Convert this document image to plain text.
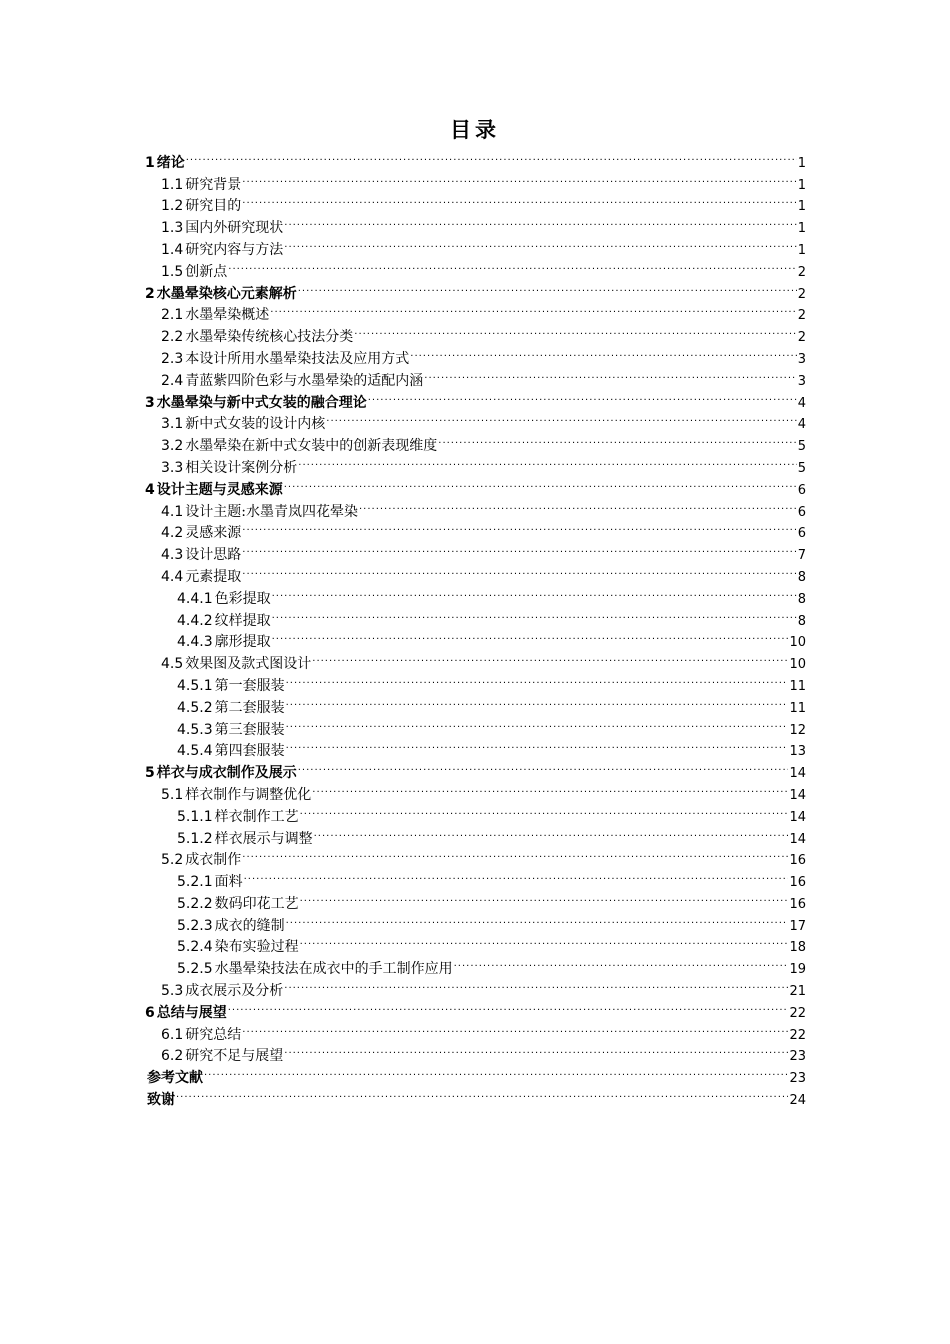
目录
1 绪论 .....	1
1.1 研究背景 .....	1
1.2 研究目的 .....	1
1.3 国内外研究现状 .....	1
1.4 研究内容与方法 .....	1
1.5 创新点 .....	2
2 水墨晕染核心元素解析 .....	2
2.1 水墨晕染概述 .....	2
2.2 水墨晕染传统核心技法分类 .....	2
2.3 本设计所用水墨晕染技法及应用方式 .....	3
2.4 青蓝紫四阶色彩与水墨晕染的适配内涵 .....	3
3 水墨晕染与新中式女装的融合理论 .....	4
3.1 新中式女装的设计内核 .....	4
3.2 水墨晕染在新中式女装中的创新表现维度 .....	5
3.3 相关设计案例分析 .....	5
4 设计主题与灵感来源 .....	6
4.1 设计主题:水墨青岚四花晕染 .....	6
4.2 灵感来源 .....	6
4.3 设计思路 .....	7
4.4 元素提取 .....	8
4.4.1 色彩提取 .....	8
4.4.2 纹样提取 .....	8
4.4.3 廓形提取 .....	10
4.5 效果图及款式图设计 .....	10
4.5.1 第一套服装 .....	11
4.5.2 第二套服装 .....	11
4.5.3 第三套服装 .....	12
4.5.4 第四套服装 .....	13
5 样衣与成衣制作及展示 .....	14
5.1 样衣制作与调整优化 .....	14
5.1.1 样衣制作工艺 .....	14
5.1.2 样衣展示与调整 .....	14
5.2 成衣制作 .....	16
5.2.1 面料 .....	16
5.2.2 数码印花工艺 .....	16
5.2.3 成衣的缝制 .....	17
5.2.4 染布实验过程 .....	18
5.2.5 水墨晕染技法在成衣中的手工制作应用 .....	19
5.3 成衣展示及分析 .....	21
6 总结与展望 .....	22
6.1 研究总结 .....	22
6.2 研究不足与展望 .....	23
参考文献 .....	23
致谢 .....	24
